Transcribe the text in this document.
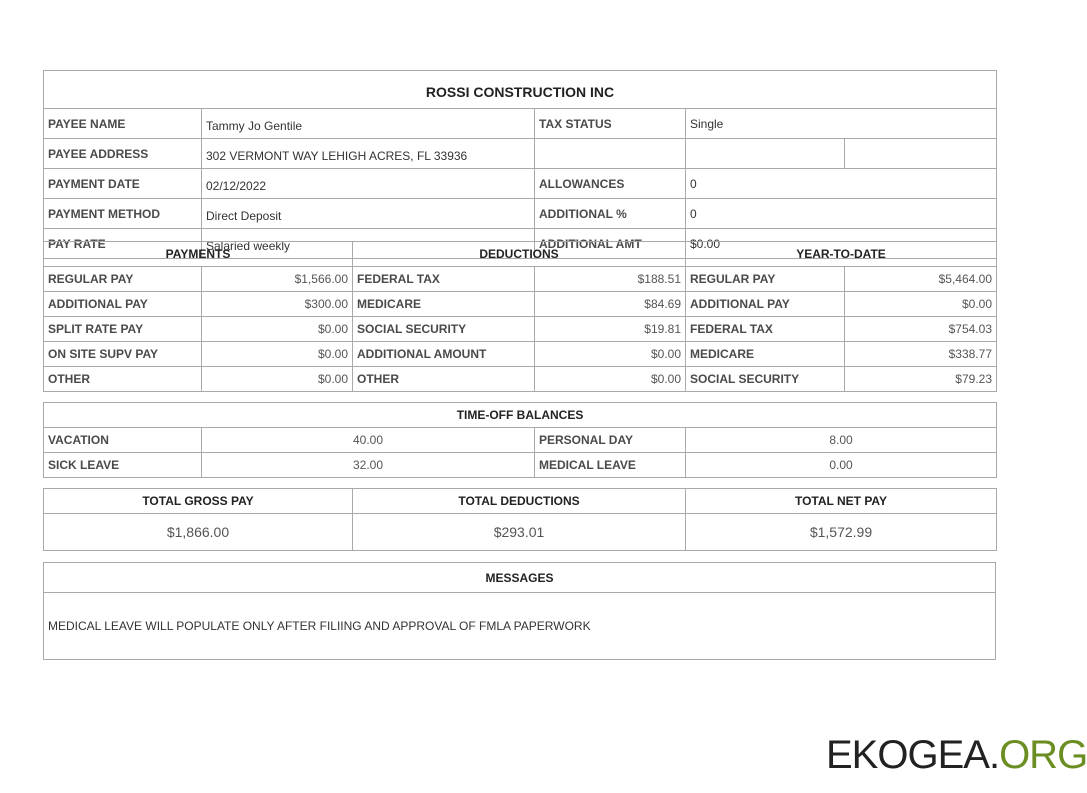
ROSSI CONSTRUCTION INC				
PAYEE NAME	Tammy Jo Gentile	TAX STATUS	Single	
PAYEE ADDRESS	302 VERMONT WAY LEHIGH ACRES, FL 33936			
PAYMENT DATE	02/12/2022	ALLOWANCES	0	
PAYMENT METHOD	Direct Deposit	ADDITIONAL %	0	
PAY RATE	Salaried weekly	ADDITIONAL AMT	$0.00	
PAYMENTS		DEDUCTIONS		YEAR-TO-DATE	
REGULAR PAY	$1,566.00	FEDERAL TAX	$188.51	REGULAR PAY	$5,464.00
ADDITIONAL PAY	$300.00	MEDICARE	$84.69	ADDITIONAL PAY	$0.00
SPLIT RATE PAY	$0.00	SOCIAL SECURITY	$19.81	FEDERAL TAX	$754.03
ON SITE SUPV PAY	$0.00	ADDITIONAL AMOUNT	$0.00	MEDICARE	$338.77
OTHER	$0.00	OTHER	$0.00	SOCIAL SECURITY	$79.23
TIME-OFF BALANCES			
VACATION	40.00	PERSONAL DAY	8.00
SICK LEAVE	32.00	MEDICAL LEAVE	0.00
TOTAL GROSS PAY	TOTAL DEDUCTIONS	TOTAL NET PAY
$1,866.00	$293.01	$1,572.99
MESSAGES
MEDICAL LEAVE WILL POPULATE ONLY AFTER FILIING AND APPROVAL OF FMLA PAPERWORK
EKOGEA.ORG
